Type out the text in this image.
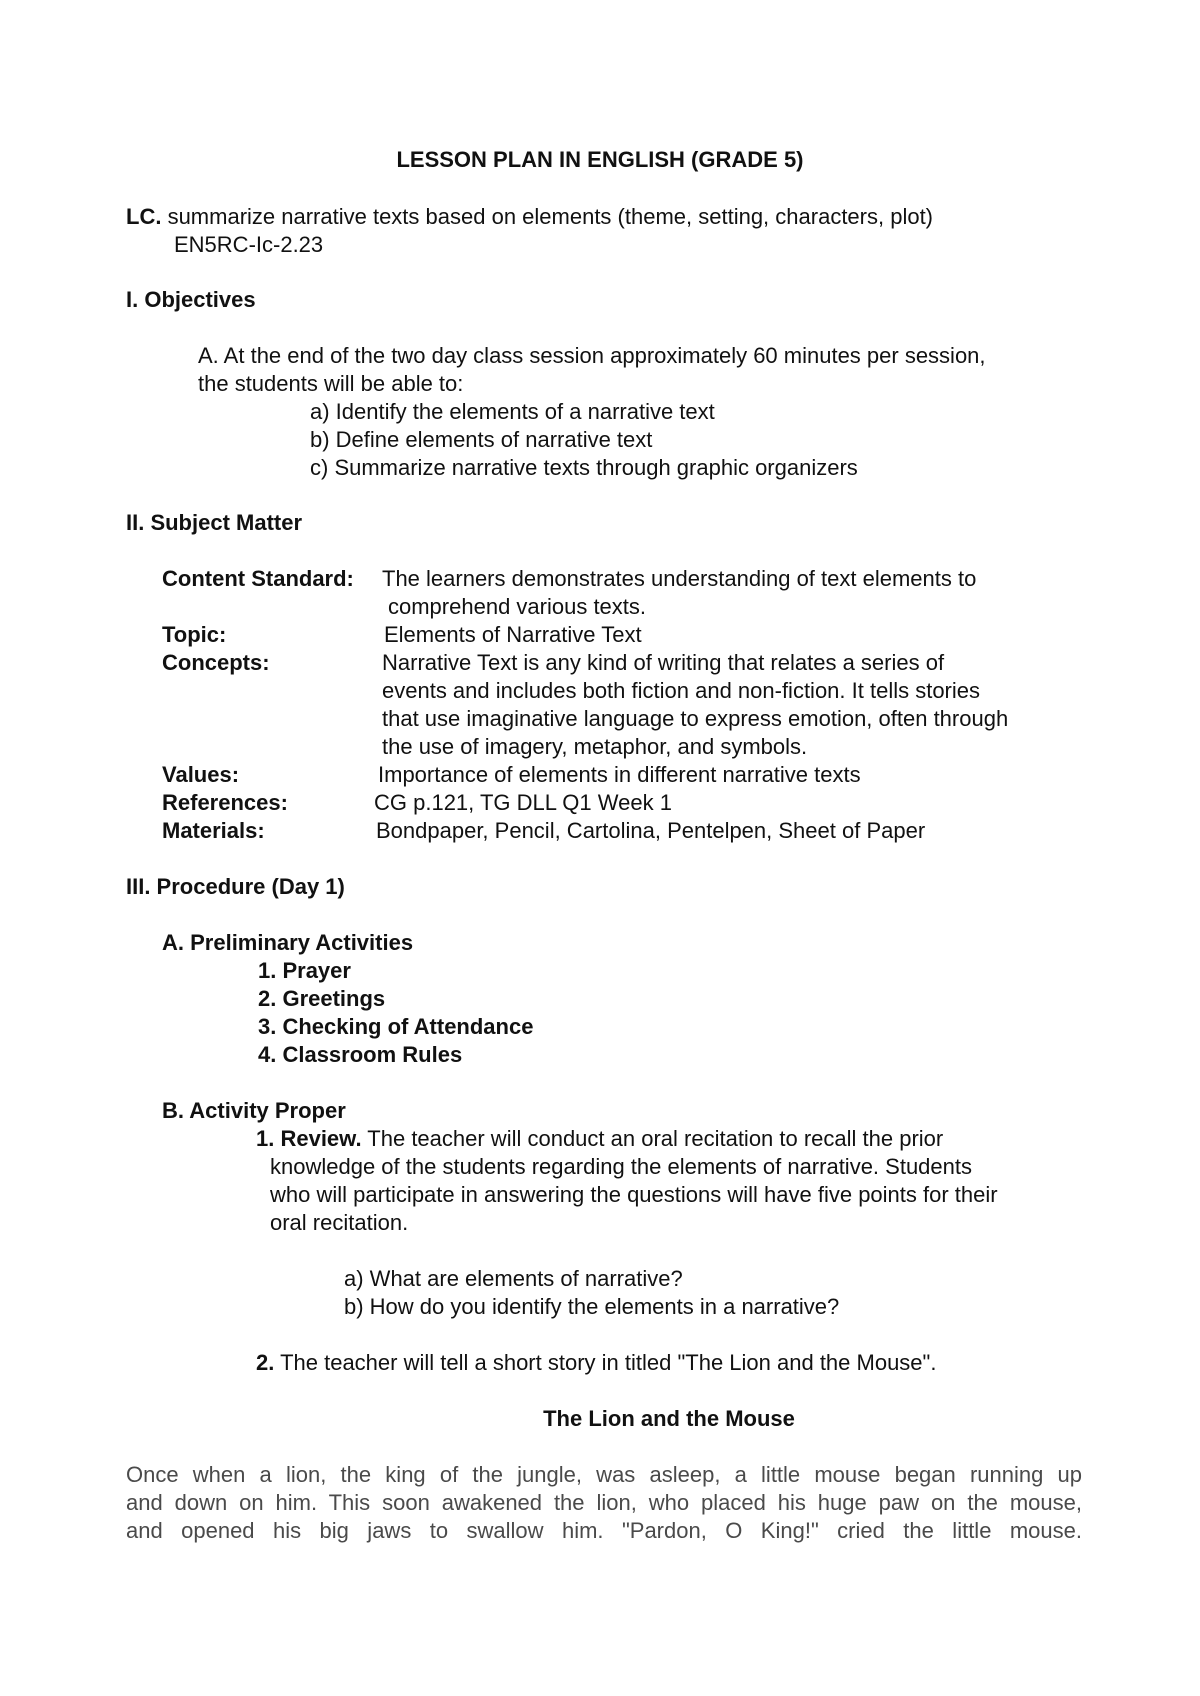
LESSON PLAN IN ENGLISH (GRADE 5)
LC. summarize narrative texts based on elements (theme, setting, characters, plot)
EN5RC-Ic-2.23
I. Objectives
A. At the end of the two day class session approximately 60 minutes per session,
the students will be able to:
a) Identify the elements of a narrative text
b) Define elements of narrative text
c) Summarize narrative texts through graphic organizers
II. Subject Matter
Content Standard: The learners demonstrates understanding of text elements to
comprehend various texts.
Topic:	Elements of Narrative Text
Concepts:	Narrative Text is any kind of writing that relates a series of
events and includes both fiction and non-fiction. It tells stories
that use imaginative language to express emotion, often through
the use of imagery, metaphor, and symbols.
Values:	Importance of elements in different narrative texts
References:	CG p.121, TG DLL Q1 Week 1
Materials:	Bondpaper, Pencil, Cartolina, Pentelpen, Sheet of Paper
III. Procedure (Day 1)
A. Preliminary Activities
1. Prayer
2. Greetings
3. Checking of Attendance
4. Classroom Rules
B. Activity Proper
1. Review. The teacher will conduct an oral recitation to recall the prior
knowledge of the students regarding the elements of narrative. Students
who will participate in answering the questions will have five points for their
oral recitation.
a) What are elements of narrative?
b) How do you identify the elements in a narrative?
2. The teacher will tell a short story in titled "The Lion and the Mouse".
The Lion and the Mouse
Once when a lion, the king of the jungle, was asleep, a little mouse began running up
and down on him. This soon awakened the lion, who placed his huge paw on the mouse,
and opened his big jaws to swallow him. "Pardon, O King!" cried the little mouse.
